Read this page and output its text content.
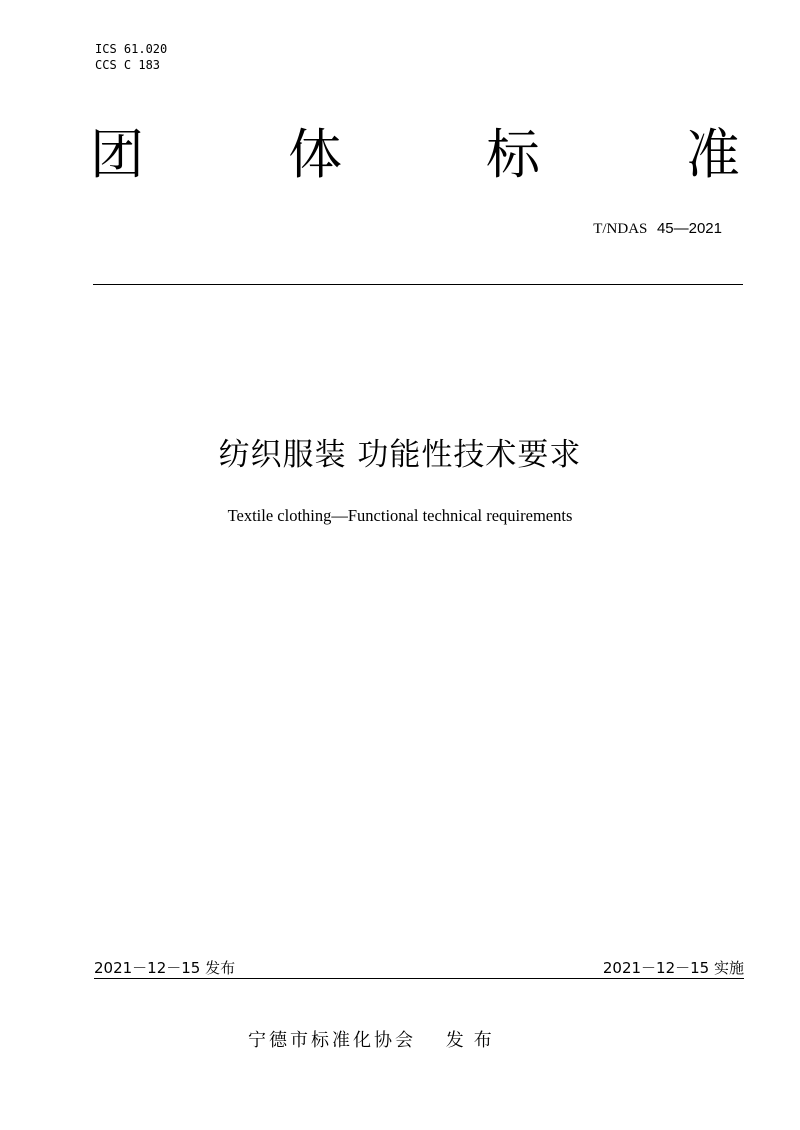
ICS 61.020
CCS C 183
团	体	标	准
T/NDAS 45—2021
纺织服装 功能性技术要求
Textile clothing—Functional technical requirements
2021－12－15 发布	2021－12－15 实施
宁德市标准化协会 发布
